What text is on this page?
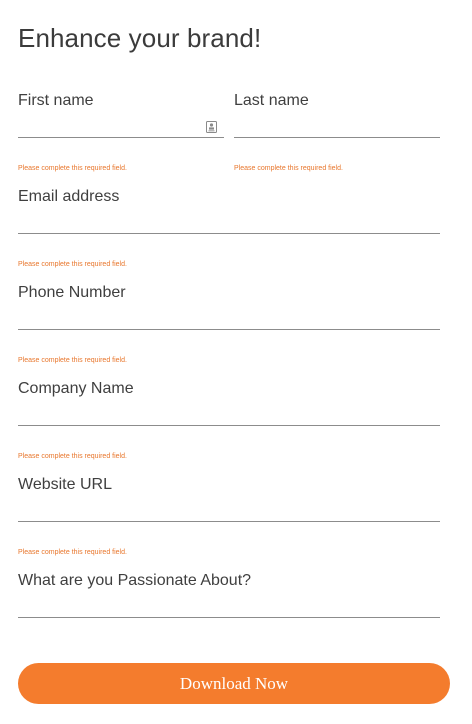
Enhance your brand!
First name
Please complete this required field.
Last name
Please complete this required field.
Email address
Please complete this required field.
Phone Number
Please complete this required field.
Company Name
Please complete this required field.
Website URL
Please complete this required field.
What are you Passionate About?
Download Now
